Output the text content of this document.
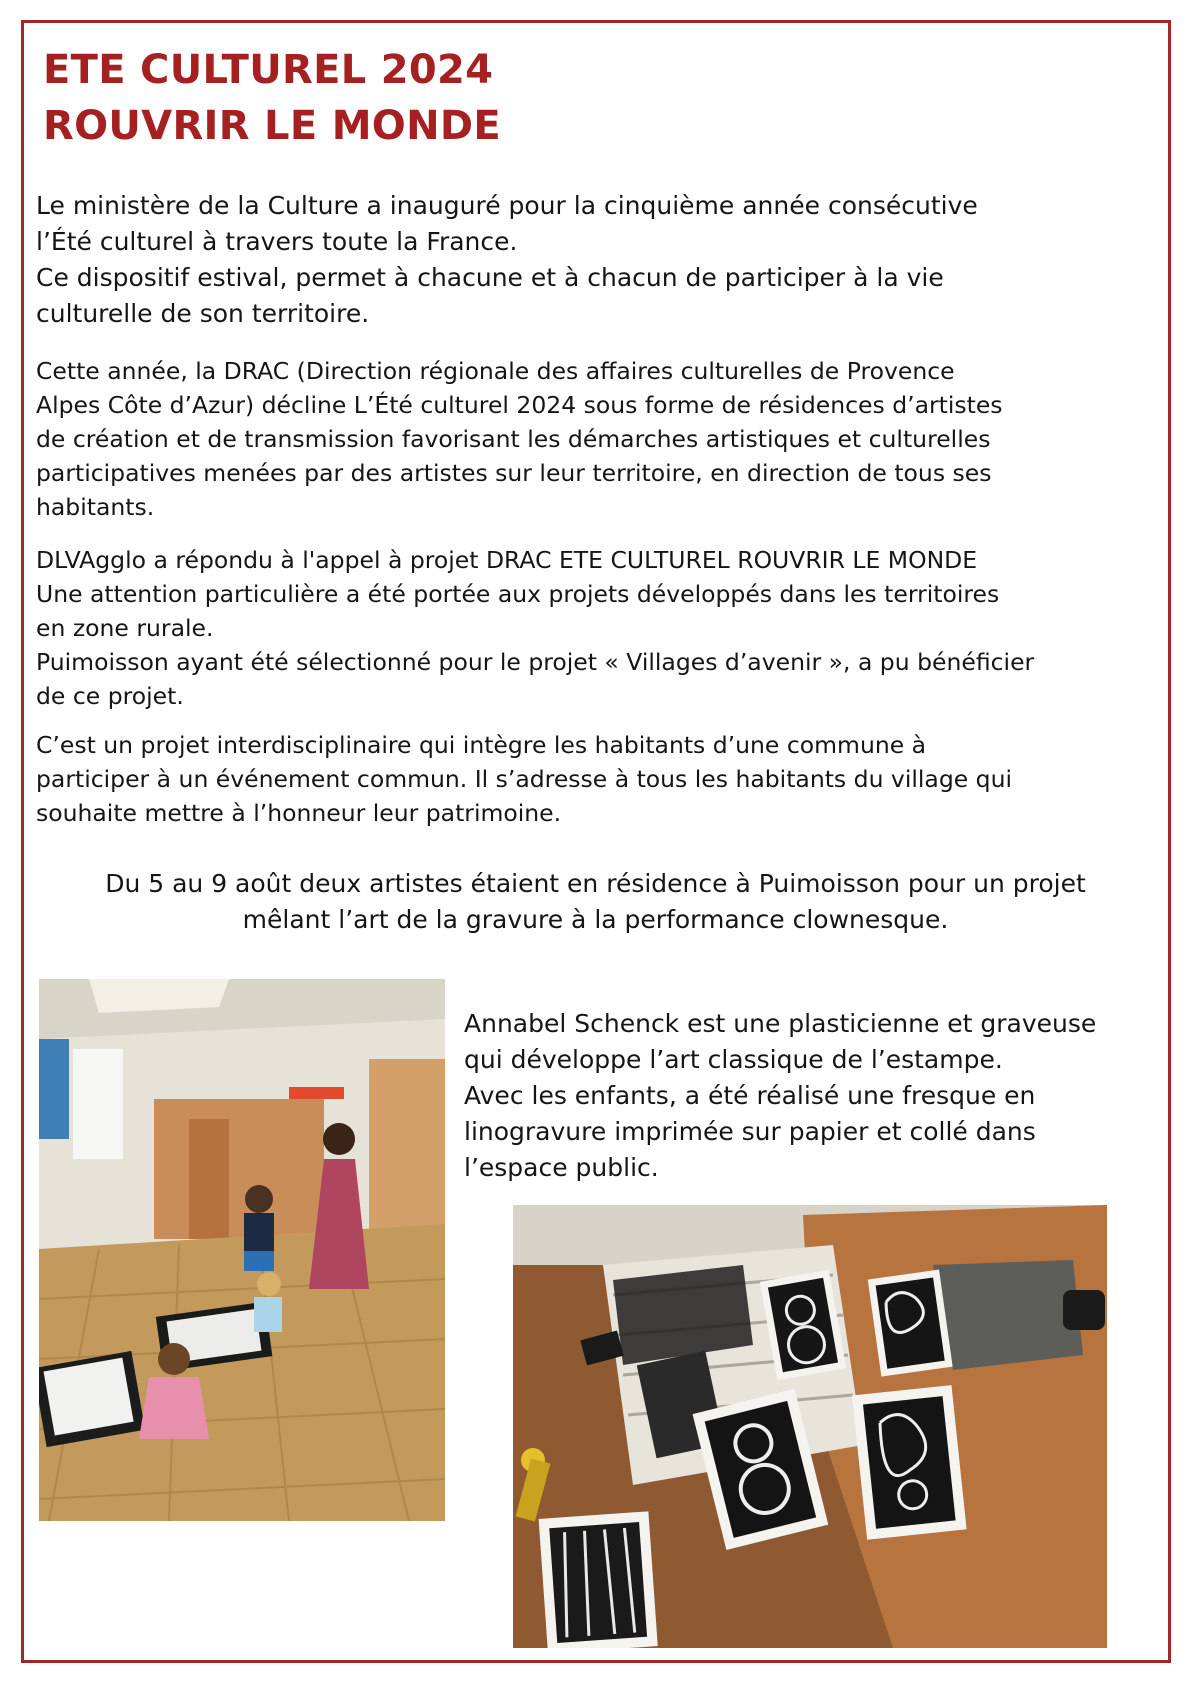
ETE CULTUREL 2024
ROUVRIR LE MONDE
Le ministère de la Culture a inauguré pour la cinquième année consécutive
l’Été culturel à travers toute la France.
Ce dispositif estival, permet à chacune et à chacun de participer à la vie
culturelle de son territoire.
Cette année, la DRAC (Direction régionale des affaires culturelles de Provence
Alpes Côte d’Azur) décline L’Été culturel 2024 sous forme de résidences d’artistes
de création et de transmission favorisant les démarches artistiques et culturelles
participatives menées par des artistes sur leur territoire, en direction de tous ses
habitants.
DLVAgglo a répondu à l'appel à projet DRAC ETE CULTUREL ROUVRIR LE MONDE
Une attention particulière a été portée aux projets développés dans les territoires
en zone rurale.
Puimoisson ayant été sélectionné pour le projet « Villages d’avenir », a pu bénéficier
de ce projet.
C’est un projet interdisciplinaire qui intègre les habitants d’une commune à
participer à un événement commun. Il s’adresse à tous les habitants du village qui
souhaite mettre à l’honneur leur patrimoine.
Du 5 au 9 août deux artistes étaient en résidence à Puimoisson pour un projet
mêlant l’art de la gravure à la performance clownesque.
Annabel Schenck est une plasticienne et graveuse
qui développe l’art classique de l’estampe.
Avec les enfants, a été réalisé une fresque en
linogravure imprimée sur papier et collé dans
l’espace public.
